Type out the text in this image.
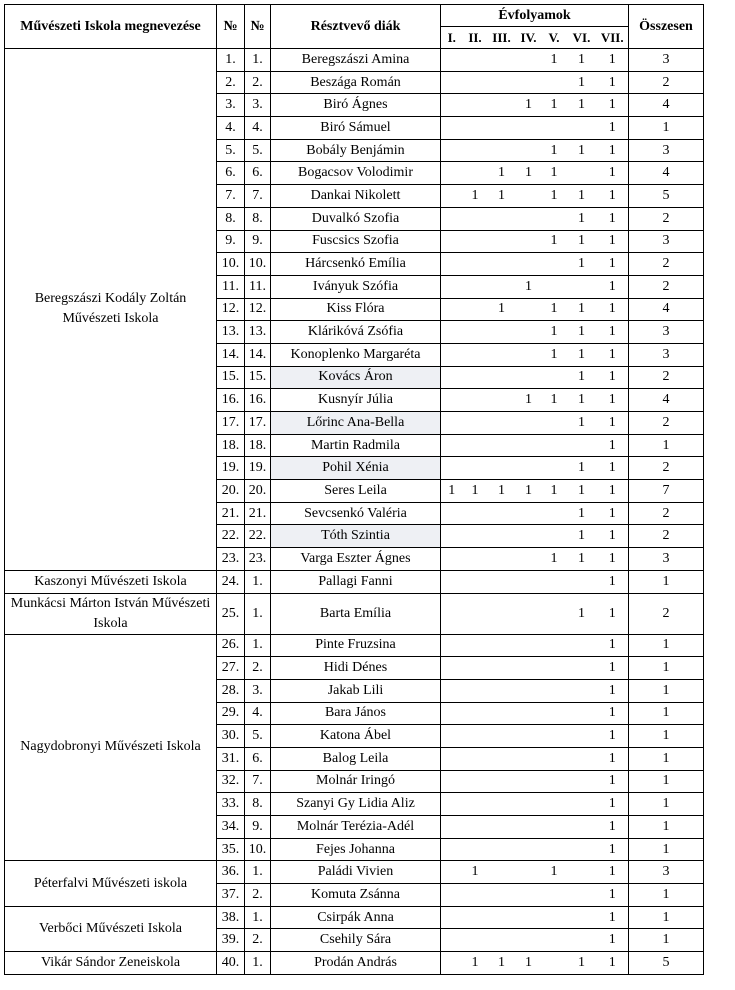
Művészeti Iskola megnevezése	№	№	Résztvevő diák	Évfolyamok							Összesen
				I.	II.	III.	IV.	V.	VI.	VII.	
Beregszászi Kodály Zoltán Művészeti Iskola	1.	1.	Beregszászi Amina					1	1	1	3
	2.	2.	Beszága Román						1	1	2
	3.	3.	Biró Ágnes				1	1	1	1	4
	4.	4.	Biró Sámuel							1	1
	5.	5.	Bobály Benjámin					1	1	1	3
	6.	6.	Bogacsov Volodimir			1	1	1		1	4
	7.	7.	Dankai Nikolett		1	1		1	1	1	5
	8.	8.	Duvalkó Szofia						1	1	2
	9.	9.	Fuscsics Szofia					1	1	1	3
	10.	10.	Hárcsenkó Emília						1	1	2
	11.	11.	Iványuk Szófia				1			1	2
	12.	12.	Kiss Flóra			1		1	1	1	4
	13.	13.	Klárikóvá Zsófia					1	1	1	3
	14.	14.	Konoplenko Margaréta					1	1	1	3
	15.	15.	Kovács Áron						1	1	2
	16.	16.	Kusnyír Júlia				1	1	1	1	4
	17.	17.	Lőrinc Ana-Bella						1	1	2
	18.	18.	Martin Radmila							1	1
	19.	19.	Pohil Xénia						1	1	2
	20.	20.	Seres Leila	1	1	1	1	1	1	1	7
	21.	21.	Sevcsenkó Valéria						1	1	2
	22.	22.	Tóth Szintia						1	1	2
	23.	23.	Varga Eszter Ágnes					1	1	1	3
Kaszonyi Művészeti Iskola	24.	1.	Pallagi Fanni							1	1
Munkácsi Márton István Művészeti Iskola	25.	1.	Barta Emília						1	1	2
Nagydobronyi Művészeti Iskola	26.	1.	Pinte Fruzsina							1	1
	27.	2.	Hidi Dénes							1	1
	28.	3.	Jakab Lili							1	1
	29.	4.	Bara János							1	1
	30.	5.	Katona Ábel							1	1
	31.	6.	Balog Leila							1	1
	32.	7.	Molnár Iringó							1	1
	33.	8.	Szanyi Gy Lidia Aliz							1	1
	34.	9.	Molnár Terézia-Adél							1	1
	35.	10.	Fejes Johanna							1	1
Péterfalvi Művészeti iskola	36.	1.	Paládi Vivien		1			1		1	3
	37.	2.	Komuta Zsánna							1	1
Verbőci Művészeti Iskola	38.	1.	Csirpák Anna							1	1
	39.	2.	Csehily Sára							1	1
Vikár Sándor Zeneiskola	40.	1.	Prodán András		1	1	1		1	1	5
